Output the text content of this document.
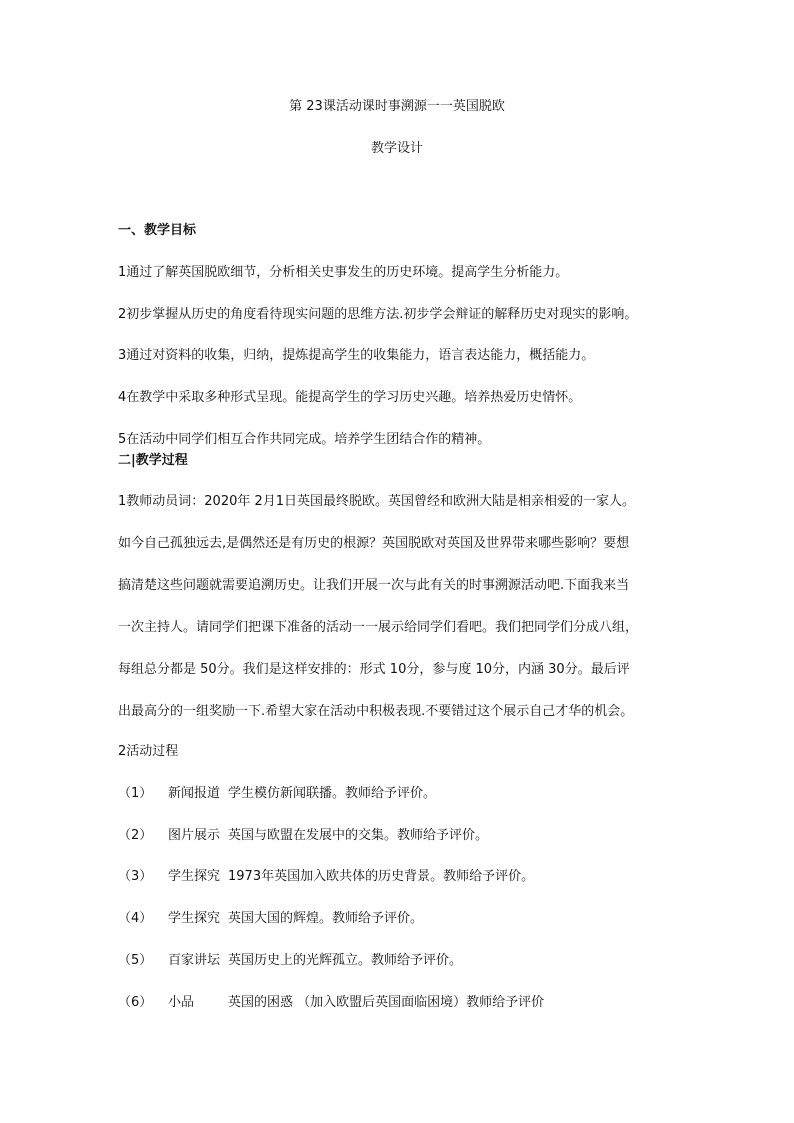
第 23课活动课时事溯源一一英国脱欧
教学设计
一、教学目标
1通过了解英国脱欧细节，分析相关史事发生的历史环境。提高学生分析能力。
2初步掌握从历史的角度看待现实问题的思维方法.初步学会辩证的解释历史对现实的影响。
3通过对资料的收集，归纳，提炼提高学生的收集能力，语言表达能力，概括能力。
4在教学中采取多种形式呈现。能提高学生的学习历史兴趣。培养热爱历史情怀。
5在活动中同学们相互合作共同完成。培养学生团结合作的精神。
二|教学过程
1教师动员词：2020年 2月1日英国最终脱欧。英国曾经和欧洲大陆是相亲相爱的一家人。
如今自己孤独远去,是偶然还是有历史的根源？英国脱欧对英国及世界带来哪些影响？要想
搞清楚这些问题就需要追溯历史。让我们开展一次与此有关的时事溯源活动吧.下面我来当
一次主持人。请同学们把课下准备的活动一一展示给同学们看吧。我们把同学们分成八组，
每组总分都是 50分。我们是这样安排的：形式 10分，参与度 10分，内涵 30分。最后评
出最高分的一组奖励一下.希望大家在活动中积极表现.不要错过这个展示自己才华的机会。
2活动过程
（1） 新闻报道 学生模仿新闻联播。教师给予评价。
（2） 图片展示 英国与欧盟在发展中的交集。教师给予评价。
（3） 学生探究 1973年英国加入欧共体的历史背景。教师给予评价。
（4） 学生探究 英国大国的辉煌。教师给予评价。
（5） 百家讲坛 英国历史上的光辉孤立。教师给予评价。
（6） 小品	英国的困惑 （加入欧盟后英国面临困境）教师给予评价
